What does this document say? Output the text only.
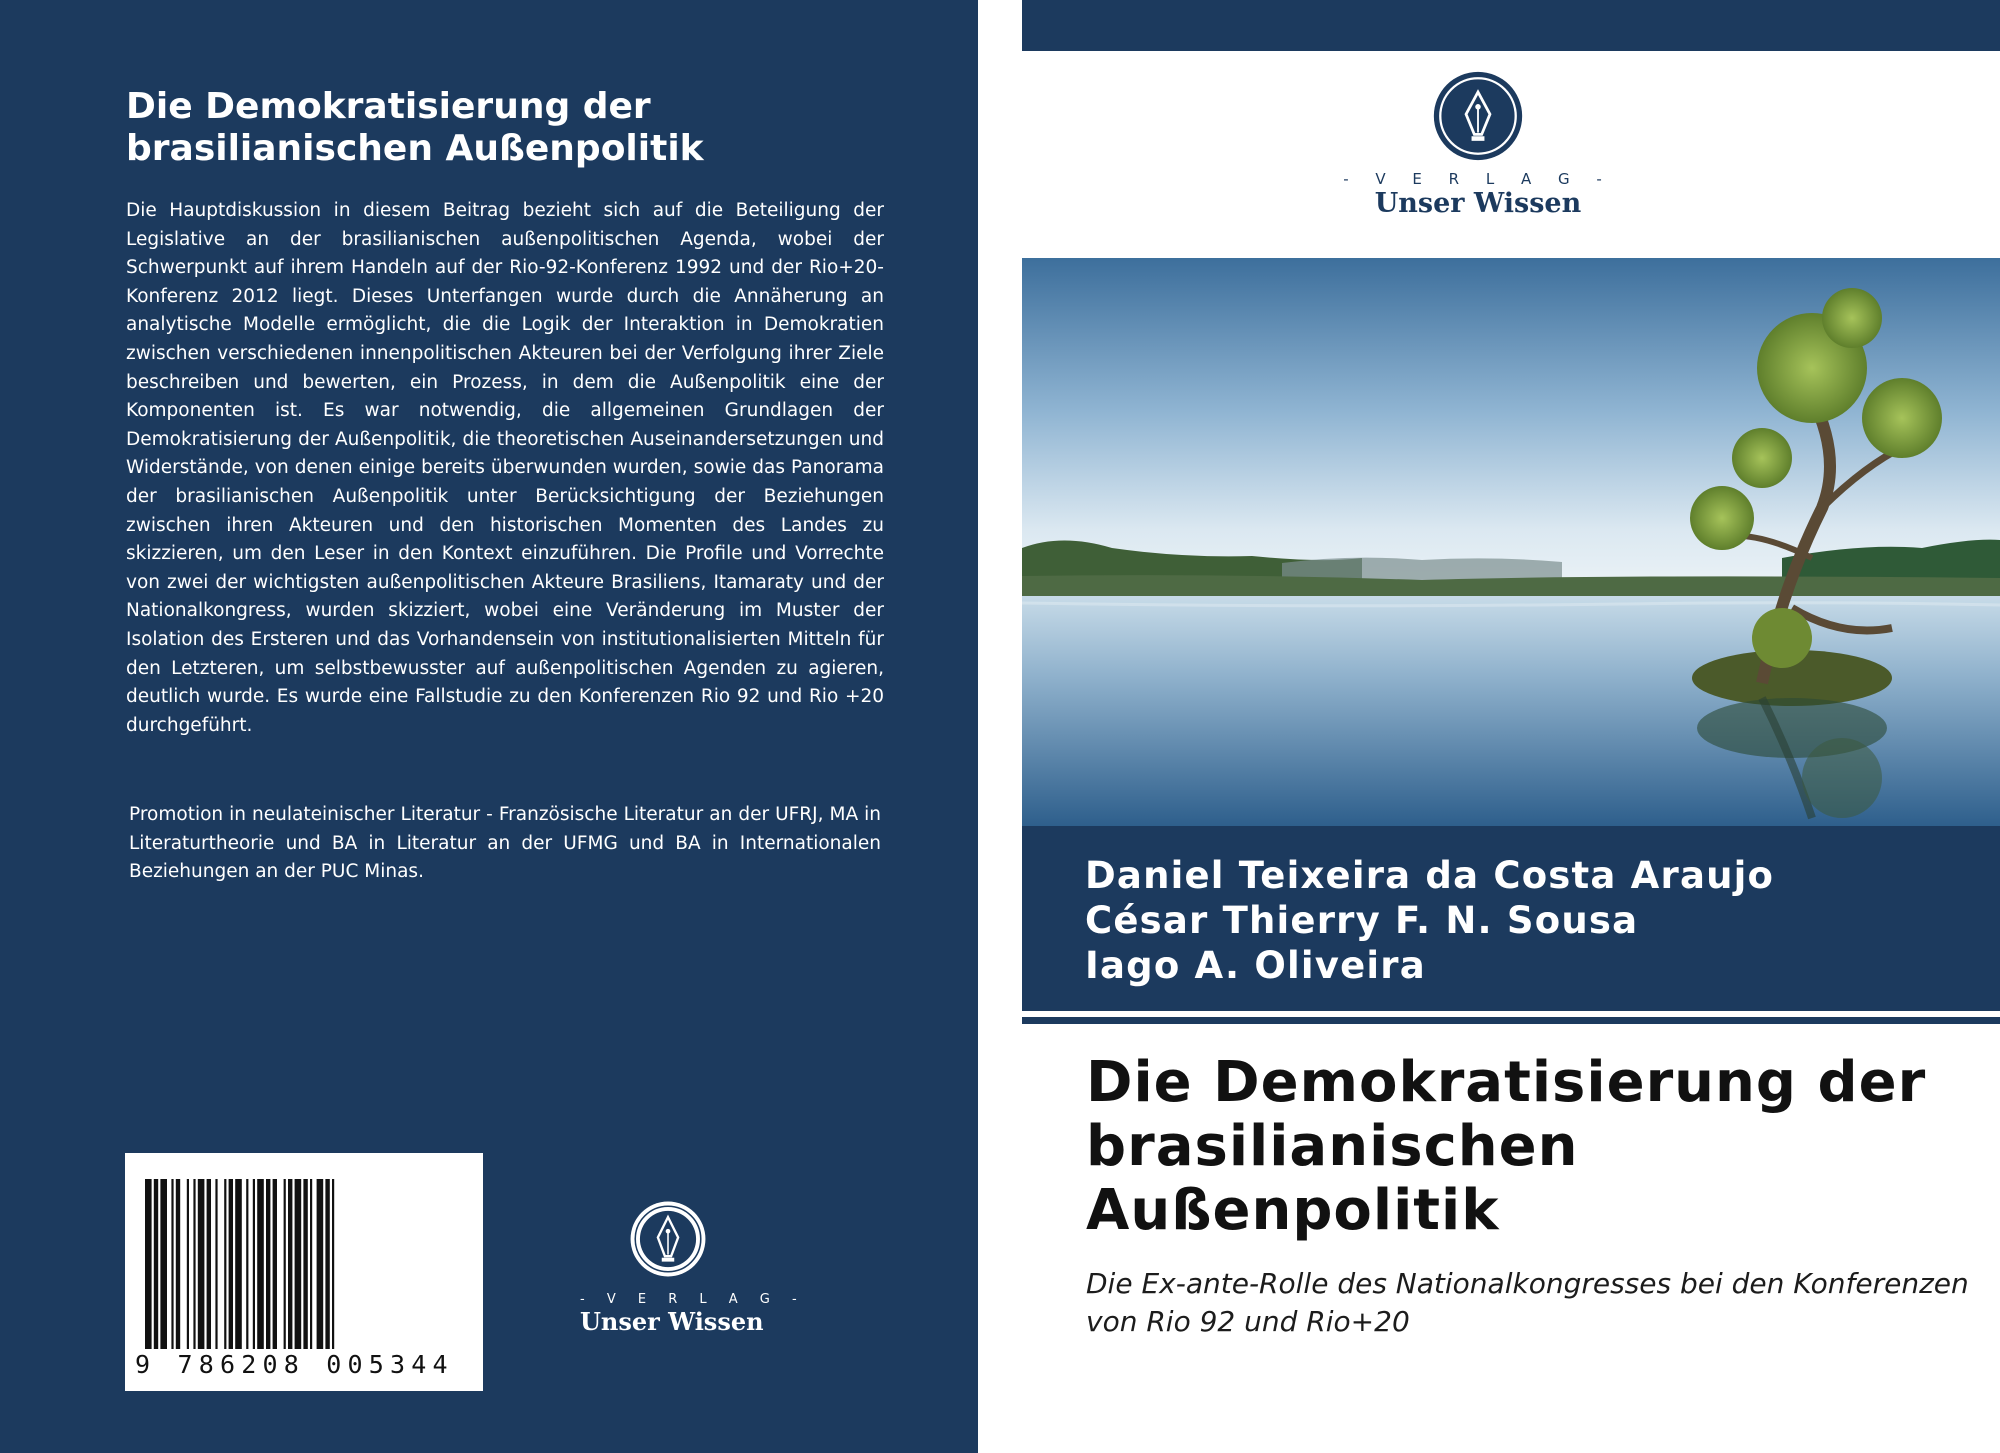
Die Demokratisierung der brasilianischen Außenpolitik
Die Hauptdiskussion in diesem Beitrag bezieht sich auf die Beteiligung der Legislative an der brasilianischen außenpolitischen Agenda, wobei der Schwerpunkt auf ihrem Handeln auf der Rio-92-Konferenz 1992 und der Rio+20-Konferenz 2012 liegt. Dieses Unterfangen wurde durch die Annäherung an analytische Modelle ermöglicht, die die Logik der Interaktion in Demokratien zwischen verschiedenen innenpolitischen Akteuren bei der Verfolgung ihrer Ziele beschreiben und bewerten, ein Prozess, in dem die Außenpolitik eine der Komponenten ist. Es war notwendig, die allgemeinen Grundlagen der Demokratisierung der Außenpolitik, die theoretischen Auseinandersetzungen und Widerstände, von denen einige bereits überwunden wurden, sowie das Panorama der brasilianischen Außenpolitik unter Berücksichtigung der Beziehungen zwischen ihren Akteuren und den historischen Momenten des Landes zu skizzieren, um den Leser in den Kontext einzuführen. Die Profile und Vorrechte von zwei der wichtigsten außenpolitischen Akteure Brasiliens, Itamaraty und der Nationalkongress, wurden skizziert, wobei eine Veränderung im Muster der Isolation des Ersteren und das Vorhandensein von institutionalisierten Mitteln für den Letzteren, um selbstbewusster auf außenpolitischen Agenden zu agieren, deutlich wurde. Es wurde eine Fallstudie zu den Konferenzen Rio 92 und Rio +20 durchgeführt.
Promotion in neulateinischer Literatur - Französische Literatur an der UFRJ, MA in Literaturtheorie und BA in Literatur an der UFMG und BA in Internationalen Beziehungen an der PUC Minas.
9 786208 005344
- V E R L A G -
Unser Wissen
- V E R L A G -
Unser Wissen
Daniel Teixeira da Costa Araujo
César Thierry F. N. Sousa
Iago A. Oliveira
Die Demokratisierung der brasilianischen Außenpolitik
Die Ex-ante-Rolle des Nationalkongresses bei den Konferenzen von Rio 92 und Rio+20
